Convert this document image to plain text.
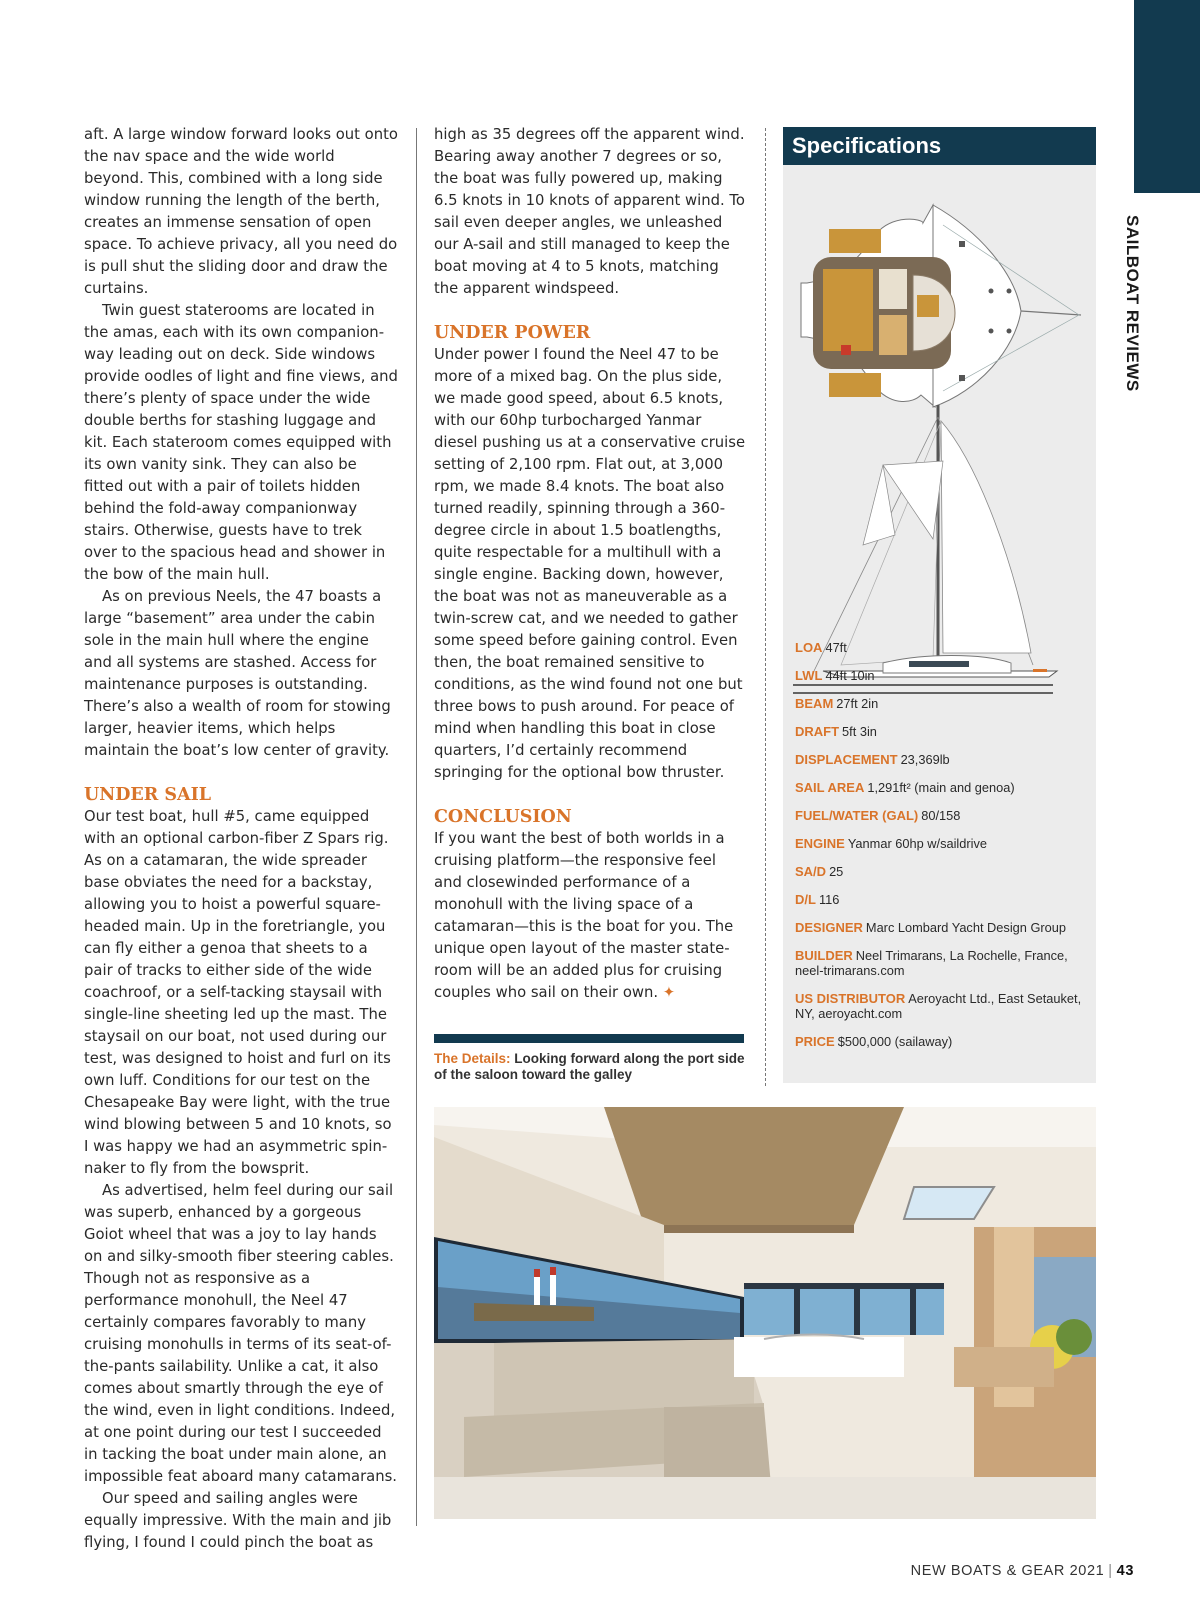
SAILBOAT REVIEWS

aft. A large window forward looks out onto the nav space and the wide world beyond. This, combined with a long side window running the length of the berth, creates an immense sensation of open space. To achieve privacy, all you need do is pull shut the sliding door and draw the curtains.

Twin guest staterooms are located in the amas, each with its own companionway leading out on deck. Side windows provide oodles of light and fine views, and there’s plenty of space under the wide double berths for stashing luggage and kit. Each stateroom comes equipped with its own vanity sink. They can also be fitted out with a pair of toilets hidden behind the fold-away companionway stairs. Otherwise, guests have to trek over to the spacious head and shower in the bow of the main hull.

As on previous Neels, the 47 boasts a large “basement” area under the cabin sole in the main hull where the engine and all systems are stashed. Access for maintenance purposes is outstanding. There’s also a wealth of room for stowing larger, heavier items, which helps maintain the boat’s low center of gravity.

UNDER SAIL

Our test boat, hull #5, came equipped with an optional carbon-fiber Z Spars rig. As on a catamaran, the wide spreader base obviates the need for a backstay, allowing you to hoist a powerful square-headed main. Up in the foretriangle, you can fly either a genoa that sheets to a pair of tracks to either side of the wide coachroof, or a self-tacking staysail with single-line sheeting led up the mast. The staysail on our boat, not used during our test, was designed to hoist and furl on its own luff. Conditions for our test on the Chesapeake Bay were light, with the true wind blowing between 5 and 10 knots, so I was happy we had an asymmetric spinnaker to fly from the bowsprit.

As advertised, helm feel during our sail was superb, enhanced by a gorgeous Goiot wheel that was a joy to lay hands on and silky-smooth fiber steering cables. Though not as responsive as a performance monohull, the Neel 47 certainly compares favorably to many cruising monohulls in terms of its seat-of-the-pants sailability. Unlike a cat, it also comes about smartly through the eye of the wind, even in light conditions. Indeed, at one point during our test I succeeded in tacking the boat under main alone, an impossible feat aboard many catamarans.

Our speed and sailing angles were equally impressive. With the main and jib flying, I found I could pinch the boat as

high as 35 degrees off the apparent wind. Bearing away another 7 degrees or so, the boat was fully powered up, making 6.5 knots in 10 knots of apparent wind. To sail even deeper angles, we unleashed our A-sail and still managed to keep the boat moving at 4 to 5 knots, matching the apparent windspeed.

UNDER POWER

Under power I found the Neel 47 to be more of a mixed bag. On the plus side, we made good speed, about 6.5 knots, with our 60hp turbocharged Yanmar diesel pushing us at a conservative cruise setting of 2,100 rpm. Flat out, at 3,000 rpm, we made 8.4 knots. The boat also turned readily, spinning through a 360-degree circle in about 1.5 boatlengths, quite respectable for a multihull with a single engine. Backing down, however, the boat was not as maneuverable as a twin-screw cat, and we needed to gather some speed before gaining control. Even then, the boat remained sensitive to conditions, as the wind found not one but three bows to push around. For peace of mind when handling this boat in close quarters, I’d certainly recommend springing for the optional bow thruster.

CONCLUSION

If you want the best of both worlds in a cruising platform—the responsive feel and closewinded performance of a monohull with the living space of a catamaran—this is the boat for you. The unique open layout of the master stateroom will be an added plus for cruising couples who sail on their own. ✦

The Details: Looking forward along the port side of the saloon toward the galley
Specifications
LOA 47ft
LWL 44ft 10in
BEAM 27ft 2in
DRAFT 5ft 3in
DISPLACEMENT 23,369lb
SAIL AREA 1,291ft² (main and genoa)
FUEL/WATER (GAL) 80/158
ENGINE Yanmar 60hp w/saildrive
SA/D 25
D/L 116
DESIGNER Marc Lombard Yacht Design Group
BUILDER Neel Trimarans, La Rochelle, France, neel-trimarans.com
US DISTRIBUTOR Aeroyacht Ltd., East Setauket, NY, aeroyacht.com
PRICE $500,000 (sailaway)
NEW BOATS & GEAR 2021 | 43
